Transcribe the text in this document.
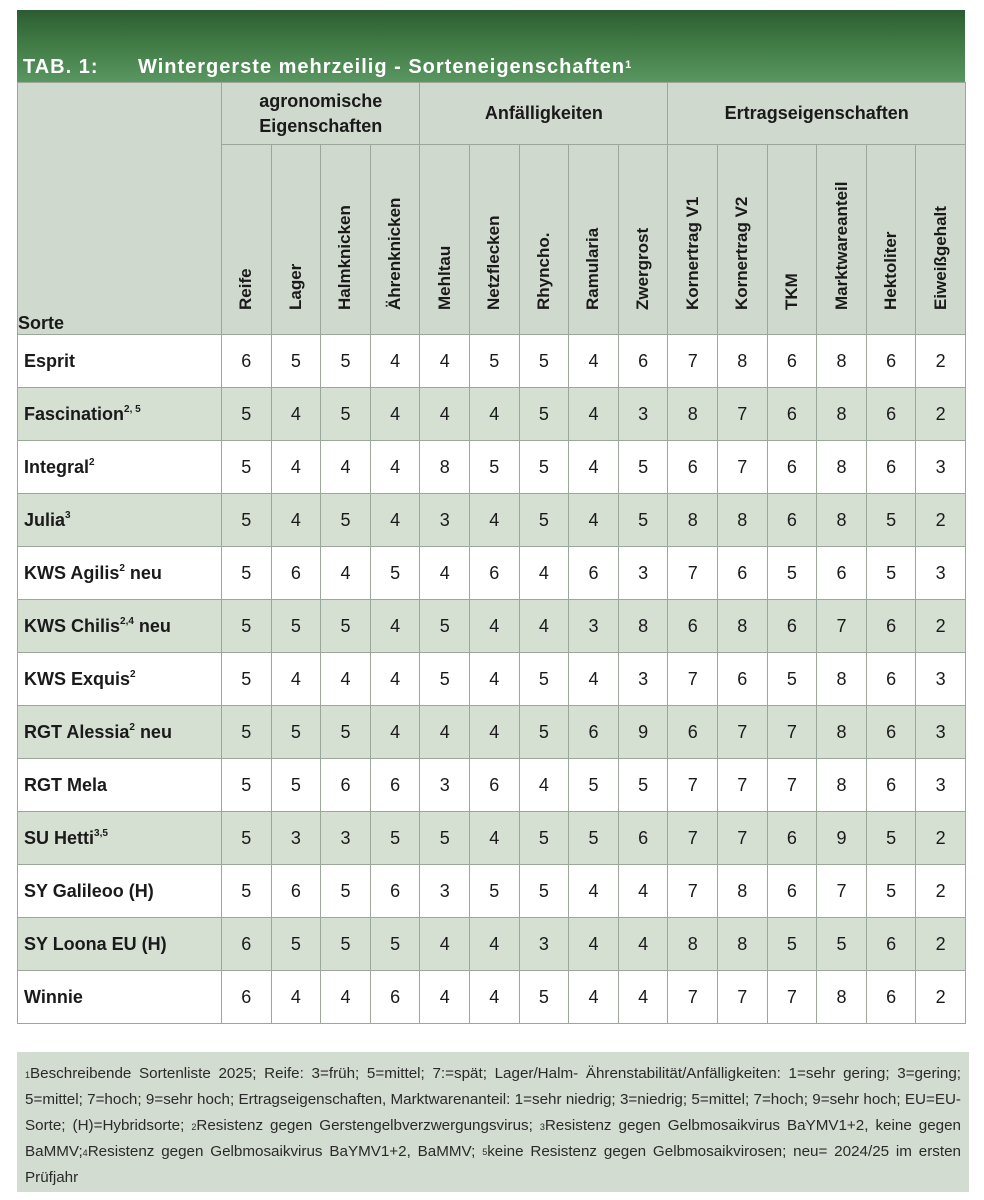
TAB. 1: Wintergerste mehrzeilig - Sorteneigenschaften$^1$
Sorte	agronomische
Eigenschaften				Anfälligkeiten					Ertragseigenschaften					

	Reife	Lager	Halmknicken	Ährenknicken	Mehltau	Netzflecken	Rhyncho.	Ramularia	Zwergrost	Kornertrag V1	Kornertrag V2	TKM	Marktwareanteil	Hektoliter	Eiweißgehalt

Esprit	6	5	5	4	4	5	5	4	6	7	8	6	8	6	2
Fascination$^{2, 5}$	5	4	5	4	4	4	5	4	3	8	7	6	8	6	2
Integral$^2$	5	4	4	4	8	5	5	4	5	6	7	6	8	6	3
Julia$^3$	5	4	5	4	3	4	5	4	5	8	8	6	8	5	2
KWS Agilis$^2$ neu	5	6	4	5	4	6	4	6	3	7	6	5	6	5	3
KWS Chilis$^{2,4}$ neu	5	5	5	4	5	4	4	3	8	6	8	6	7	6	2
KWS Exquis$^2$	5	4	4	4	5	4	5	4	3	7	6	5	8	6	3
RGT Alessia$^2$ neu	5	5	5	4	4	4	5	6	9	6	7	7	8	6	3
RGT Mela	5	5	6	6	3	6	4	5	5	7	7	7	8	6	3
SU Hetti$^{3,5}$	5	3	3	5	5	4	5	5	6	7	7	6	9	5	2
SY Galileoo (H)	5	6	5	6	3	5	5	4	4	7	8	6	7	5	2
SY Loona EU (H)	6	5	5	5	4	4	3	4	4	8	8	5	5	6	2
Winnie	6	4	4	6	4	4	5	4	4	7	7	7	8	6	2
$^1$Beschreibende Sortenliste 2025; Reife: 3=früh; 5=mittel; 7:=spät; Lager/Halm- Ährenstabilität/Anfälligkeiten: 1=sehr gering; 3=gering; 5=mittel; 7=hoch; 9=sehr hoch; Ertragseigenschaften, Marktwarenanteil: 1=sehr niedrig; 3=niedrig; 5=mittel; 7=hoch; 9=sehr hoch; EU=EU-Sorte; (H)=Hybridsorte; $^2$Resistenz gegen Gerstengelbverzwergungsvirus; $^3$Resistenz gegen Gelbmosaikvirus BaYMV1+2, keine gegen BaMMV;$^4$Resistenz gegen Gelbmosaikvirus BaYMV1+2, BaMMV; 5keine Resistenz gegen Gelbmosaikvirosen; neu= 2024/25 im ersten Prüfjahr
